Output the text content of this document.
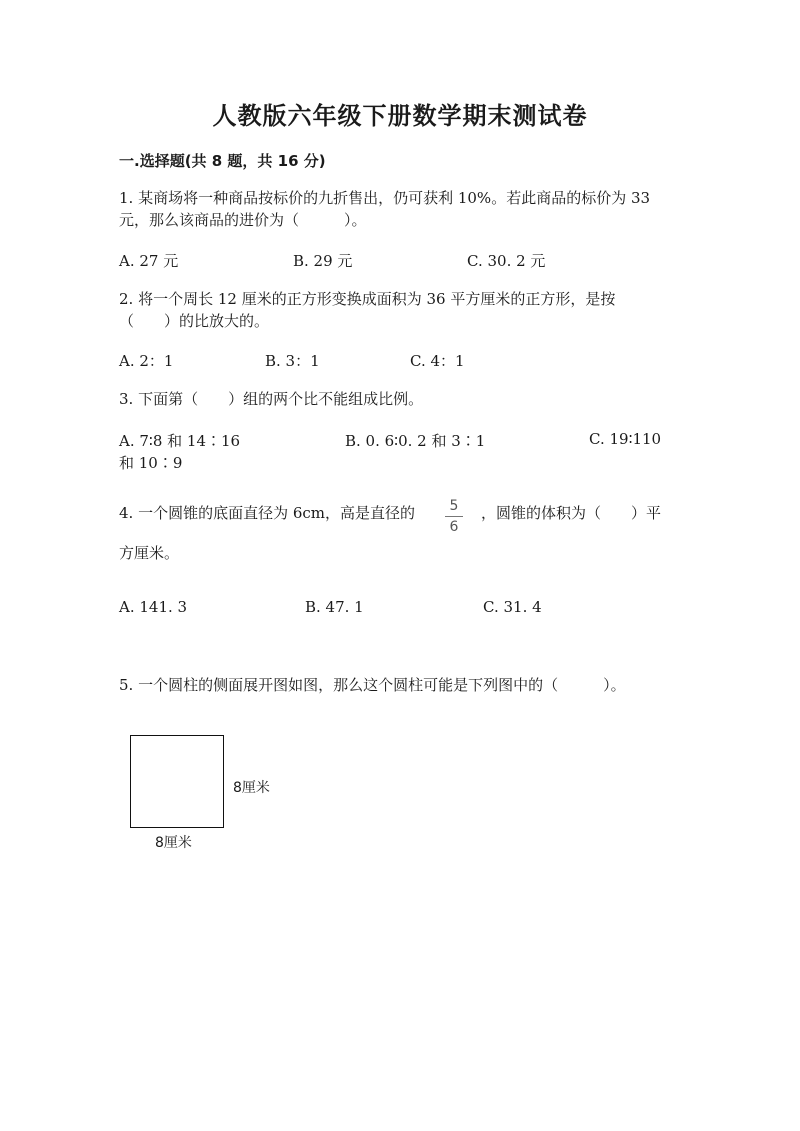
人教版六年级下册数学期末测试卷
一.选择题(共 8 题，共 16 分)
1. 某商场将一种商品按标价的九折售出，仍可获利 10%。若此商品的标价为 33
元，那么该商品的进价为（　　　）。
A. 27 元	B. 29 元	C. 30. 2 元
2. 将一个周长 12 厘米的正方形变换成面积为 36 平方厘米的正方形，是按
（　　）的比放大的。
A. 2：1	B. 3：1	C. 4：1
3. 下面第（　　）组的两个比不能组成比例。
A. 7∶8 和 14∶16	B. 0. 6∶0. 2 和 3∶1	C. 19∶110
和 10∶9
4. 一个圆锥的底面直径为 6cm，高是直径的	5
6
，圆锥的体积为（　　）平
方厘米。
A. 141. 3	B. 47. 1	C. 31. 4
5. 一个圆柱的侧面展开图如图，那么这个圆柱可能是下列图中的（　　　）。
8厘米
8厘米
